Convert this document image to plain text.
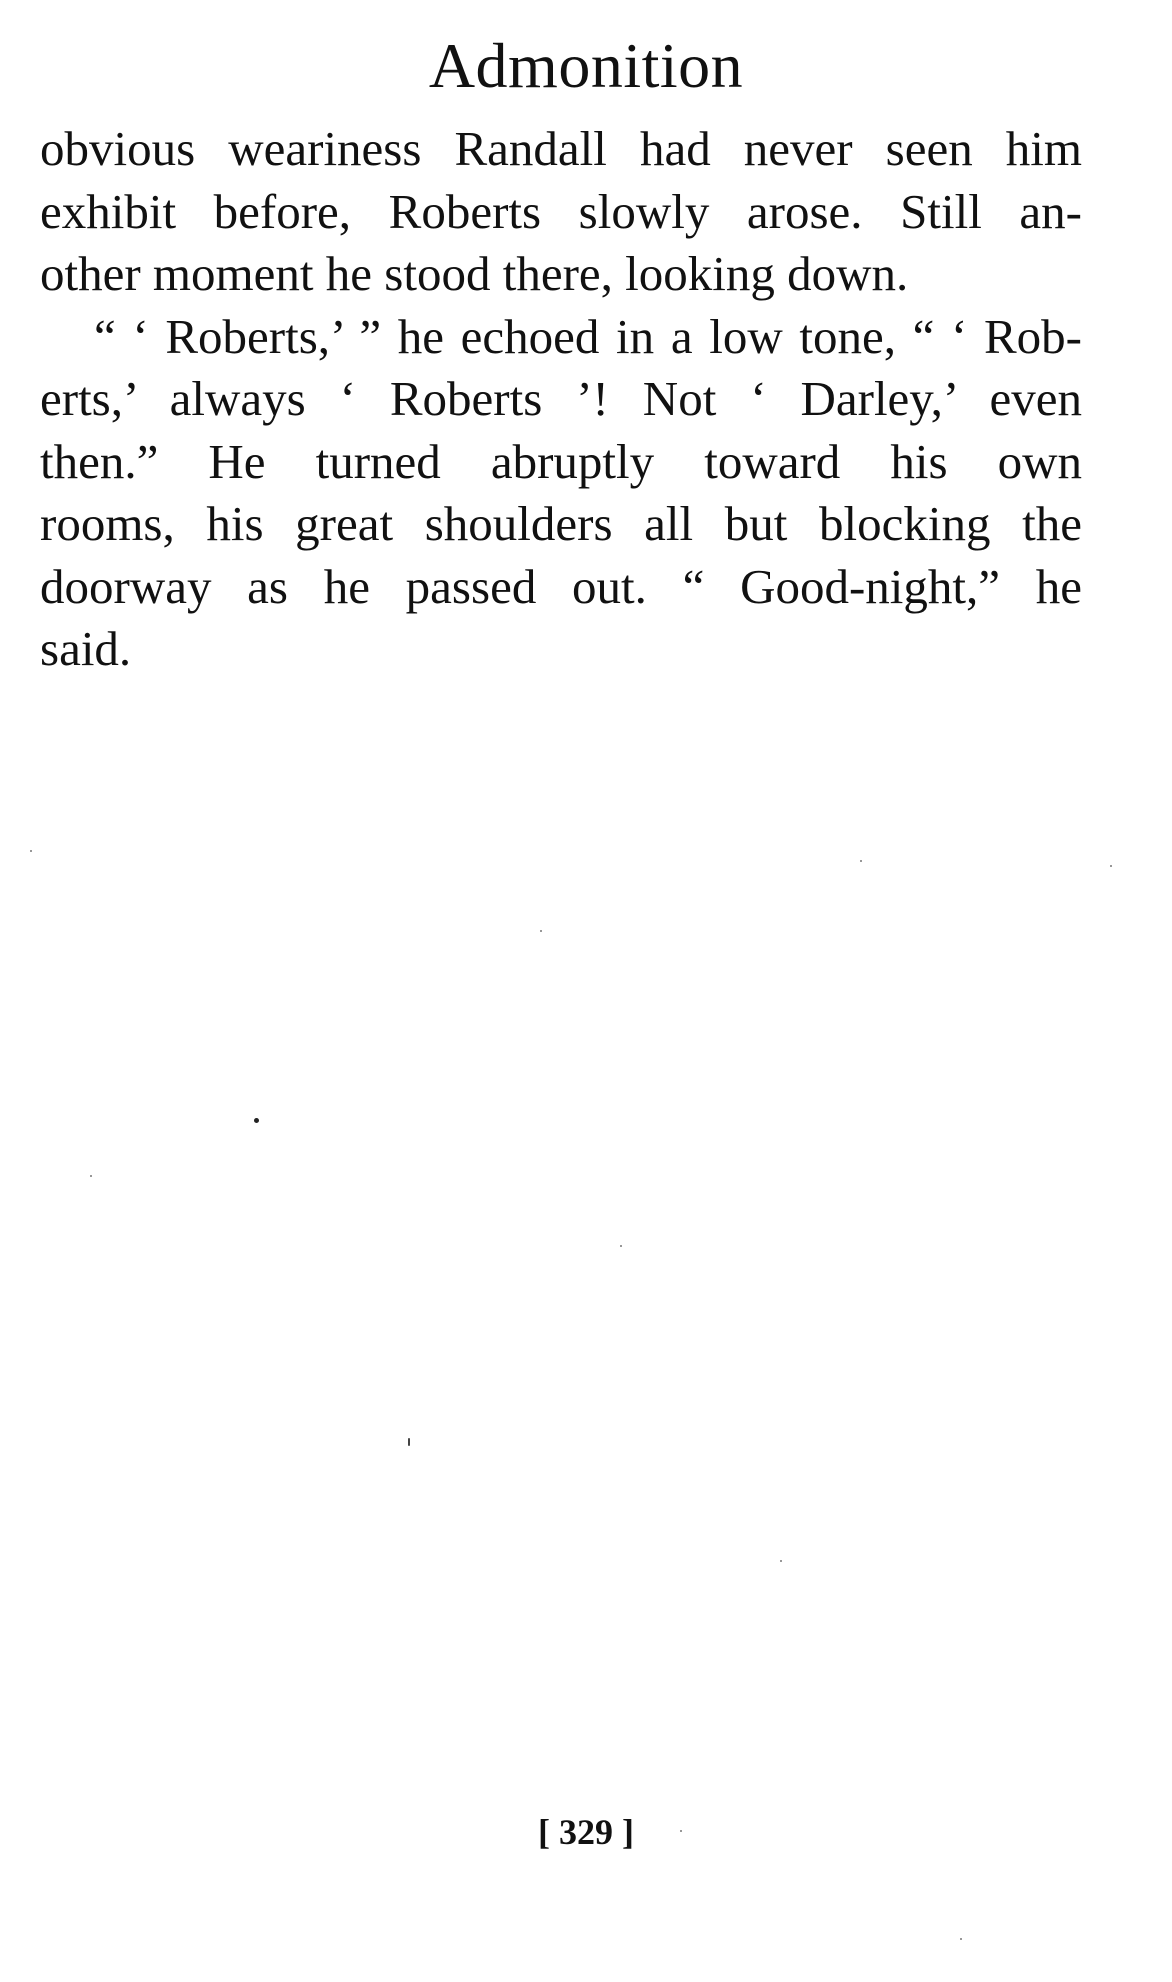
Admonition
obvious weariness Randall had never seen him
exhibit before, Roberts slowly arose. Still an-
other moment he stood there, looking down.
“ ‘ Roberts,’ ” he echoed in a low tone, “ ‘ Rob-
erts,’ always ‘ Roberts ’! Not ‘ Darley,’ even
then.” He turned abruptly toward his own
rooms, his great shoulders all but blocking the
doorway as he passed out. “ Good-night,” he
said.
[ 329 ]
